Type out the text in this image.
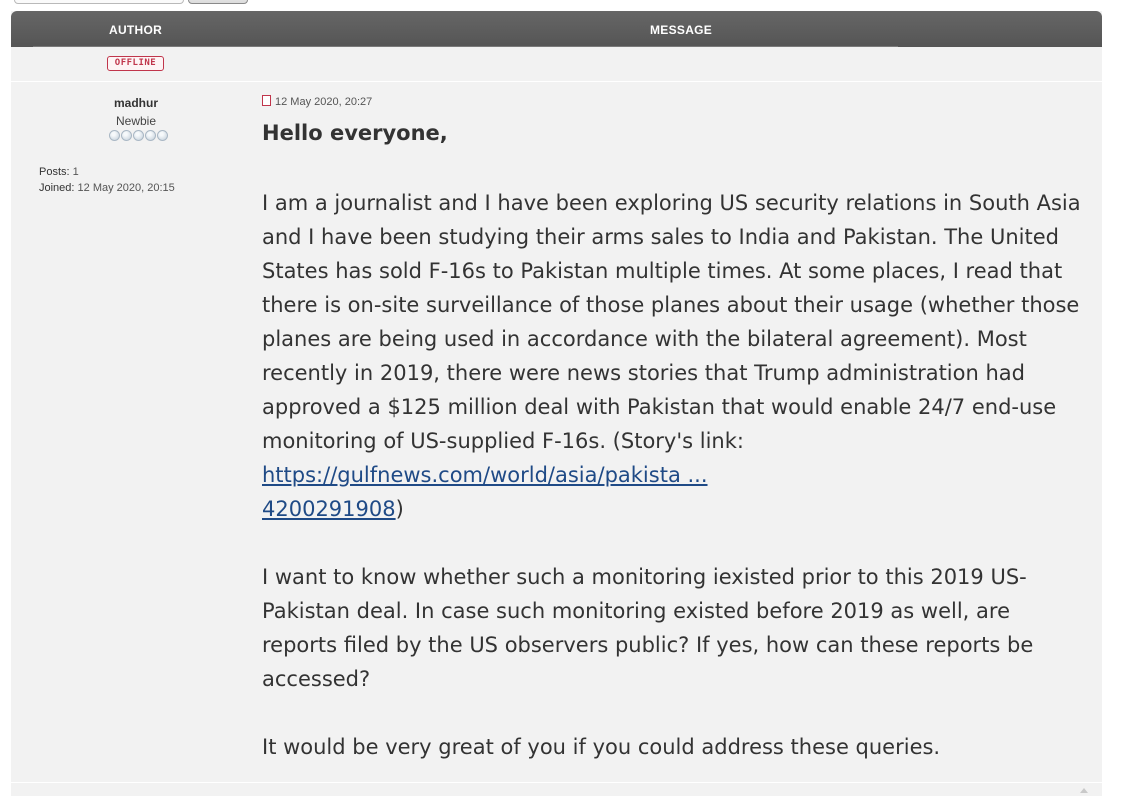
AUTHOR	MESSAGE
OFFLINE
madhur
Newbie
Posts: 1
Joined: 12 May 2020, 20:15
12 May 2020, 20:27
Hello everyone,

I am a journalist and I have been exploring US security relations in South Asia and I have been studying their arms sales to India and Pakistan. The United States has sold F-16s to Pakistan multiple times. At some places, I read that there is on-site surveillance of those planes about their usage (whether those planes are being used in accordance with the bilateral agreement). Most recently in 2019, there were news stories that Trump administration had approved a $125 million deal with Pakistan that would enable 24/7 end-use monitoring of US-supplied F-16s. (Story's link: https://gulfnews.com/world/asia/pakista ...
4200291908)

I want to know whether such a monitoring iexisted prior to this 2019 US-Pakistan deal. In case such monitoring existed before 2019 as well, are reports filed by the US observers public? If yes, how can these reports be accessed?

It would be very great of you if you could address these queries.
